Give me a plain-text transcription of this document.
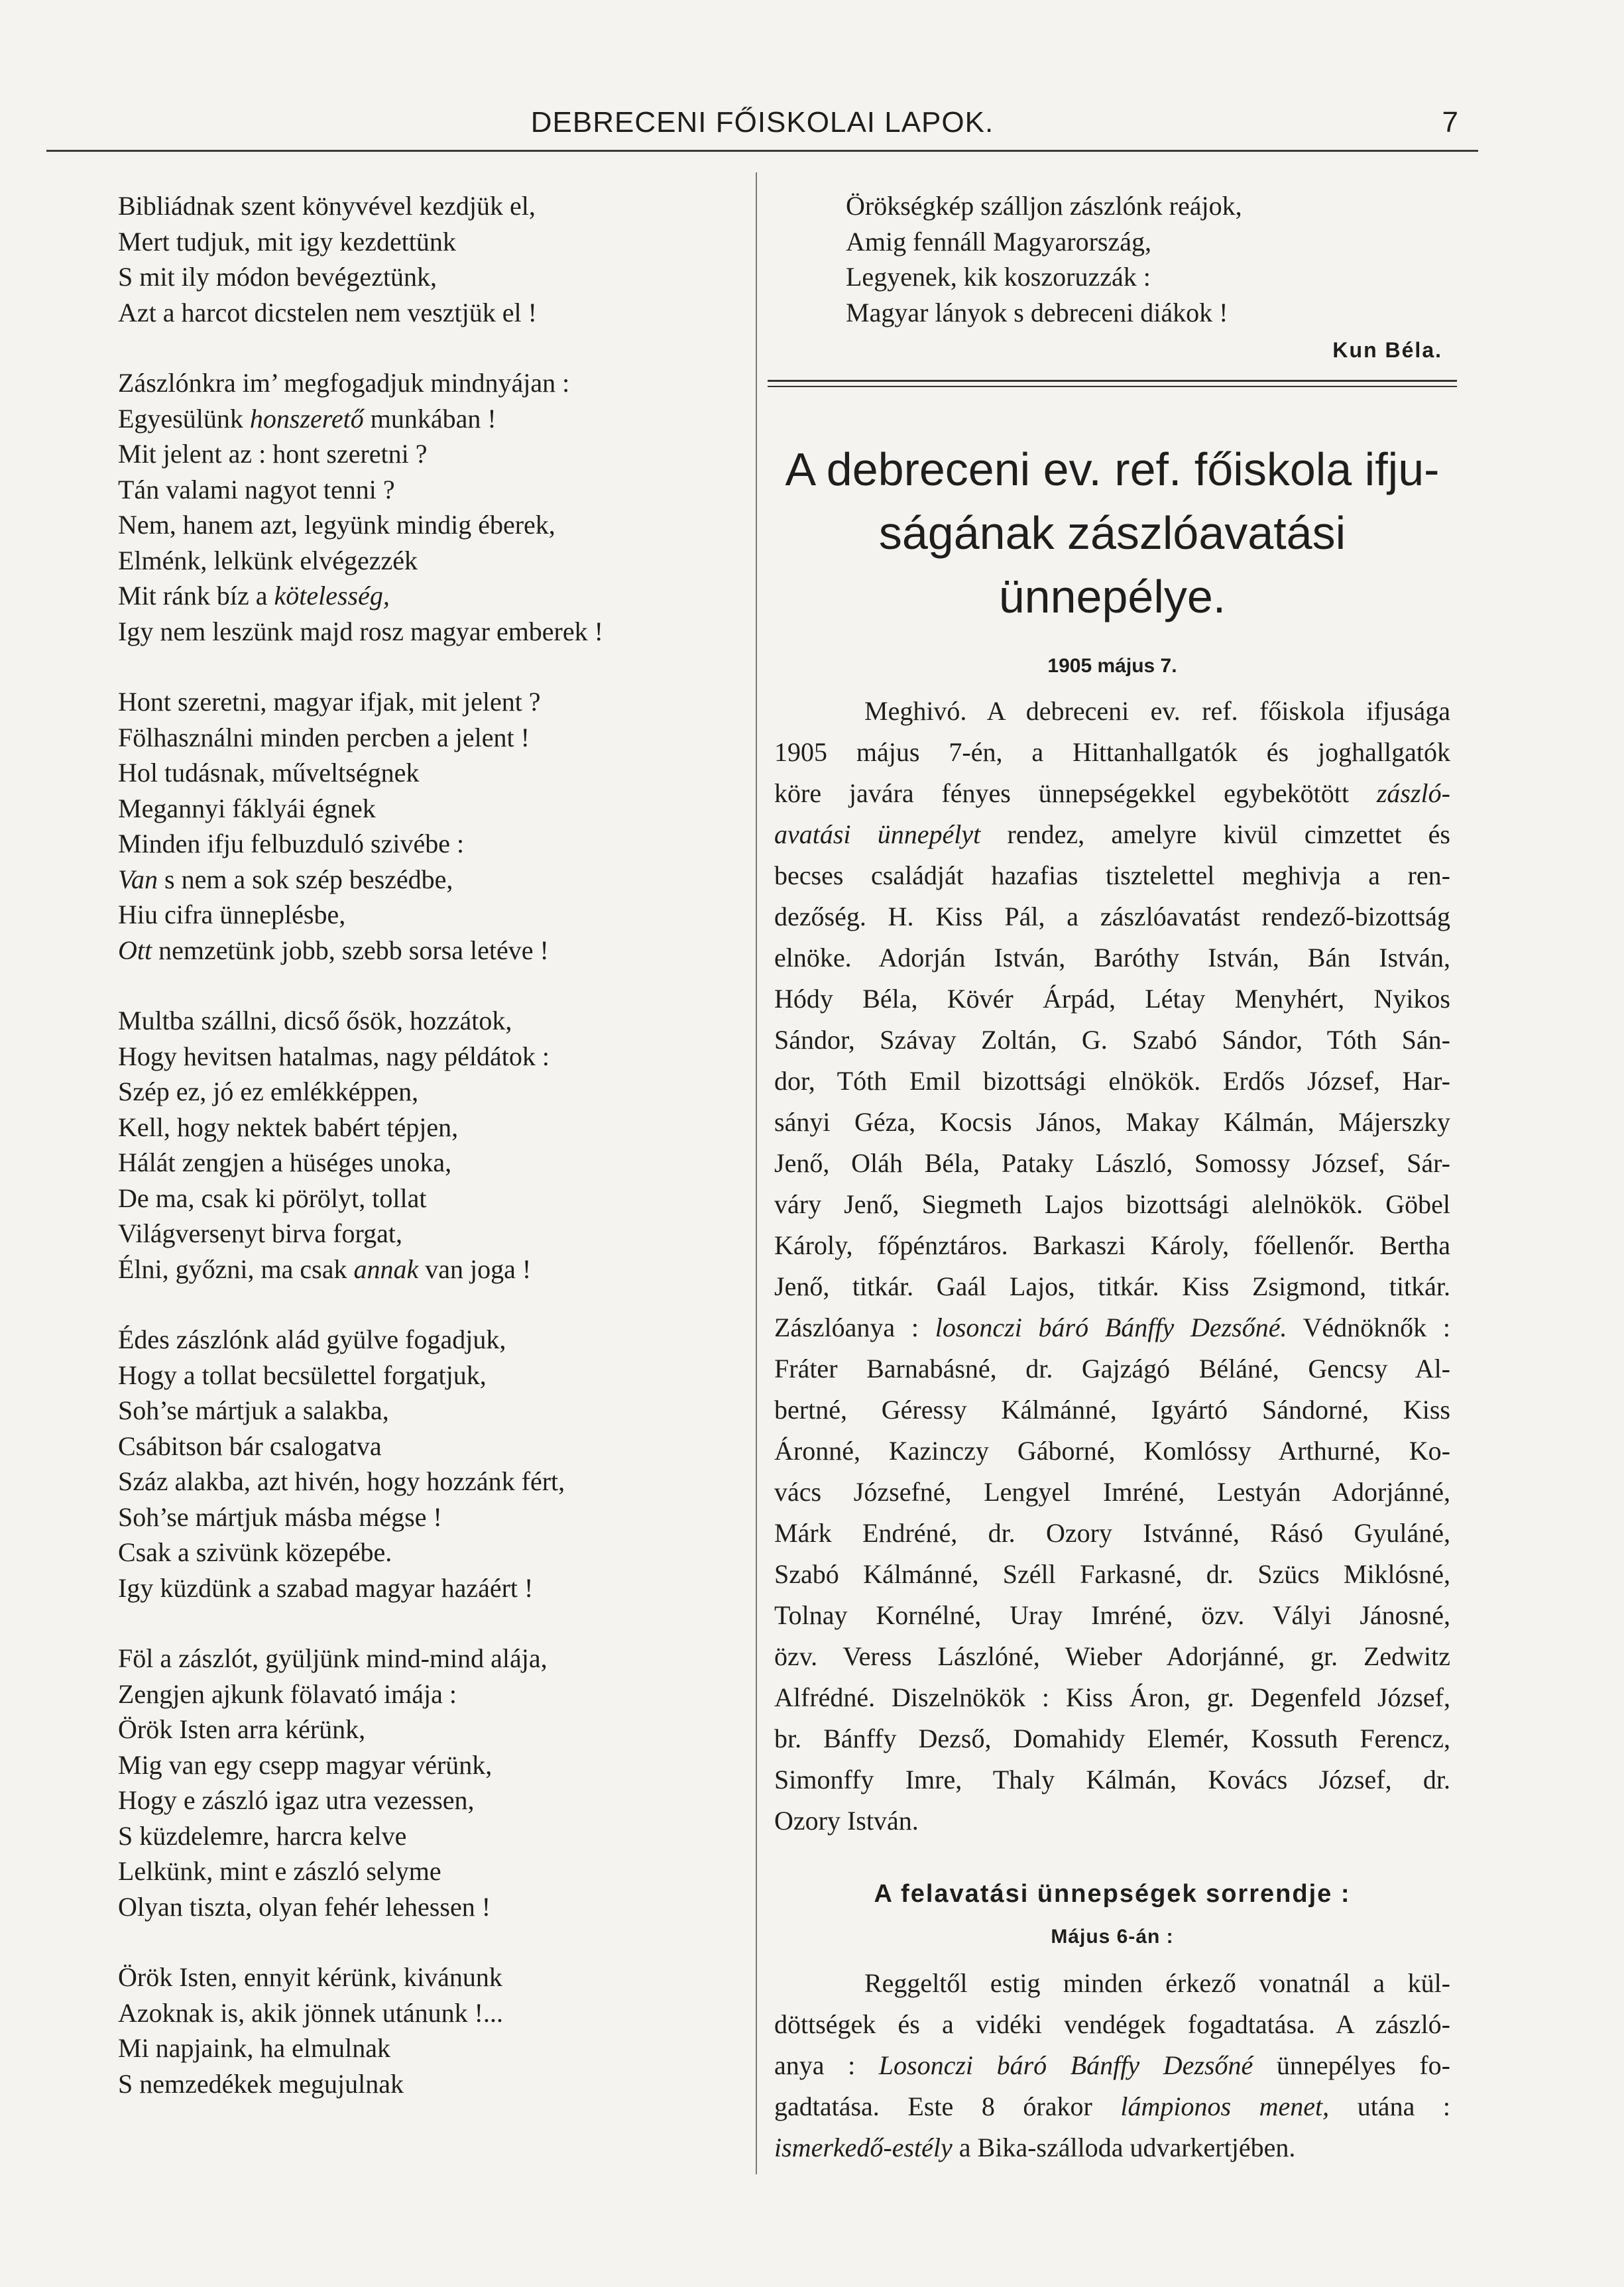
DEBRECENI FŐISKOLAI LAPOK.	7
Bibliádnak szent könyvével kezdjük el,
Mert tudjuk, mit igy kezdettünk
S mit ily módon bevégeztünk,
Azt a harcot dicstelen nem vesztjük el !
Zászlónkra im’ megfogadjuk mindnyájan :
Egyesülünk honszerető munkában !
Mit jelent az : hont szeretni ?
Tán valami nagyot tenni ?
Nem, hanem azt, legyünk mindig éberek,
Elménk, lelkünk elvégezzék
Mit ránk bíz a kötelesség,
Igy nem leszünk majd rosz magyar emberek !
Hont szeretni, magyar ifjak, mit jelent ?
Fölhasználni minden percben a jelent !
Hol tudásnak, műveltségnek
Megannyi fáklyái égnek
Minden ifju felbuzduló szivébe :
Van s nem a sok szép beszédbe,
Hiu cifra ünneplésbe,
Ott nemzetünk jobb, szebb sorsa letéve !
Multba szállni, dicső ősök, hozzátok,
Hogy hevitsen hatalmas, nagy példátok :
Szép ez, jó ez emlékképpen,
Kell, hogy nektek babért tépjen,
Hálát zengjen a hüséges unoka,
De ma, csak ki pörölyt, tollat
Világversenyt birva forgat,
Élni, győzni, ma csak annak van joga !
Édes zászlónk alád gyülve fogadjuk,
Hogy a tollat becsülettel forgatjuk,
Soh’se mártjuk a salakba,
Csábitson bár csalogatva
Száz alakba, azt hivén, hogy hozzánk fért,
Soh’se mártjuk másba mégse !
Csak a szivünk közepébe.
Igy küzdünk a szabad magyar hazáért !
Föl a zászlót, gyüljünk mind-mind alája,
Zengjen ajkunk fölavató imája :
Örök Isten arra kérünk,
Mig van egy csepp magyar vérünk,
Hogy e zászló igaz utra vezessen,
S küzdelemre, harcra kelve
Lelkünk, mint e zászló selyme
Olyan tiszta, olyan fehér lehessen !
Örök Isten, ennyit kérünk, kivánunk
Azoknak is, akik jönnek utánunk !...
Mi napjaink, ha elmulnak
S nemzedékek megujulnak
Örökségkép szálljon zászlónk reájok,
Amig fennáll Magyarország,
Legyenek, kik koszoruzzák :
Magyar lányok s debreceni diákok !
Kun Béla.
A debreceni ev. ref. főiskola ifju-
ságának zászlóavatási ünnepélye.
1905 május 7.
Meghivó. A debreceni ev. ref. főiskola ifjusága
1905 május 7-én, a Hittanhallgatók és joghallgatók
köre javára fényes ünnepségekkel egybekötött zászló-
avatási ünnepélyt rendez, amelyre kivül cimzettet és
becses családját hazafias tisztelettel meghivja a ren-
dezőség. H. Kiss Pál, a zászlóavatást rendező-bizottság
elnöke. Adorján István, Baróthy István, Bán István,
Hódy Béla, Kövér Árpád, Létay Menyhért, Nyikos
Sándor, Szávay Zoltán, G. Szabó Sándor, Tóth Sán-
dor, Tóth Emil bizottsági elnökök. Erdős József, Har-
sányi Géza, Kocsis János, Makay Kálmán, Májerszky
Jenő, Oláh Béla, Pataky László, Somossy József, Sár-
váry Jenő, Siegmeth Lajos bizottsági alelnökök. Göbel
Károly, főpénztáros. Barkaszi Károly, főellenőr. Bertha
Jenő, titkár. Gaál Lajos, titkár. Kiss Zsigmond, titkár.
Zászlóanya : losonczi báró Bánffy Dezsőné. Védnöknők :
Fráter Barnabásné, dr. Gajzágó Béláné, Gencsy Al-
bertné, Géressy Kálmánné, Igyártó Sándorné, Kiss
Áronné, Kazinczy Gáborné, Komlóssy Arthurné, Ko-
vács Józsefné, Lengyel Imréné, Lestyán Adorjánné,
Márk Endréné, dr. Ozory Istvánné, Rásó Gyuláné,
Szabó Kálmánné, Széll Farkasné, dr. Szücs Miklósné,
Tolnay Kornélné, Uray Imréné, özv. Vályi Jánosné,
özv. Veress Lászlóné, Wieber Adorjánné, gr. Zedwitz
Alfrédné. Diszelnökök : Kiss Áron, gr. Degenfeld József,
br. Bánffy Dezső, Domahidy Elemér, Kossuth Ferencz,
Simonffy Imre, Thaly Kálmán, Kovács József, dr.
Ozory István.
A felavatási ünnepségek sorrendje :
Május 6-án :
Reggeltől estig minden érkező vonatnál a kül-
döttségek és a vidéki vendégek fogadtatása. A zászló-
anya : Losonczi báró Bánffy Dezsőné ünnepélyes fo-
gadtatása. Este 8 órakor lámpionos menet, utána :
ismerkedő-estély a Bika-szálloda udvarkertjében.
